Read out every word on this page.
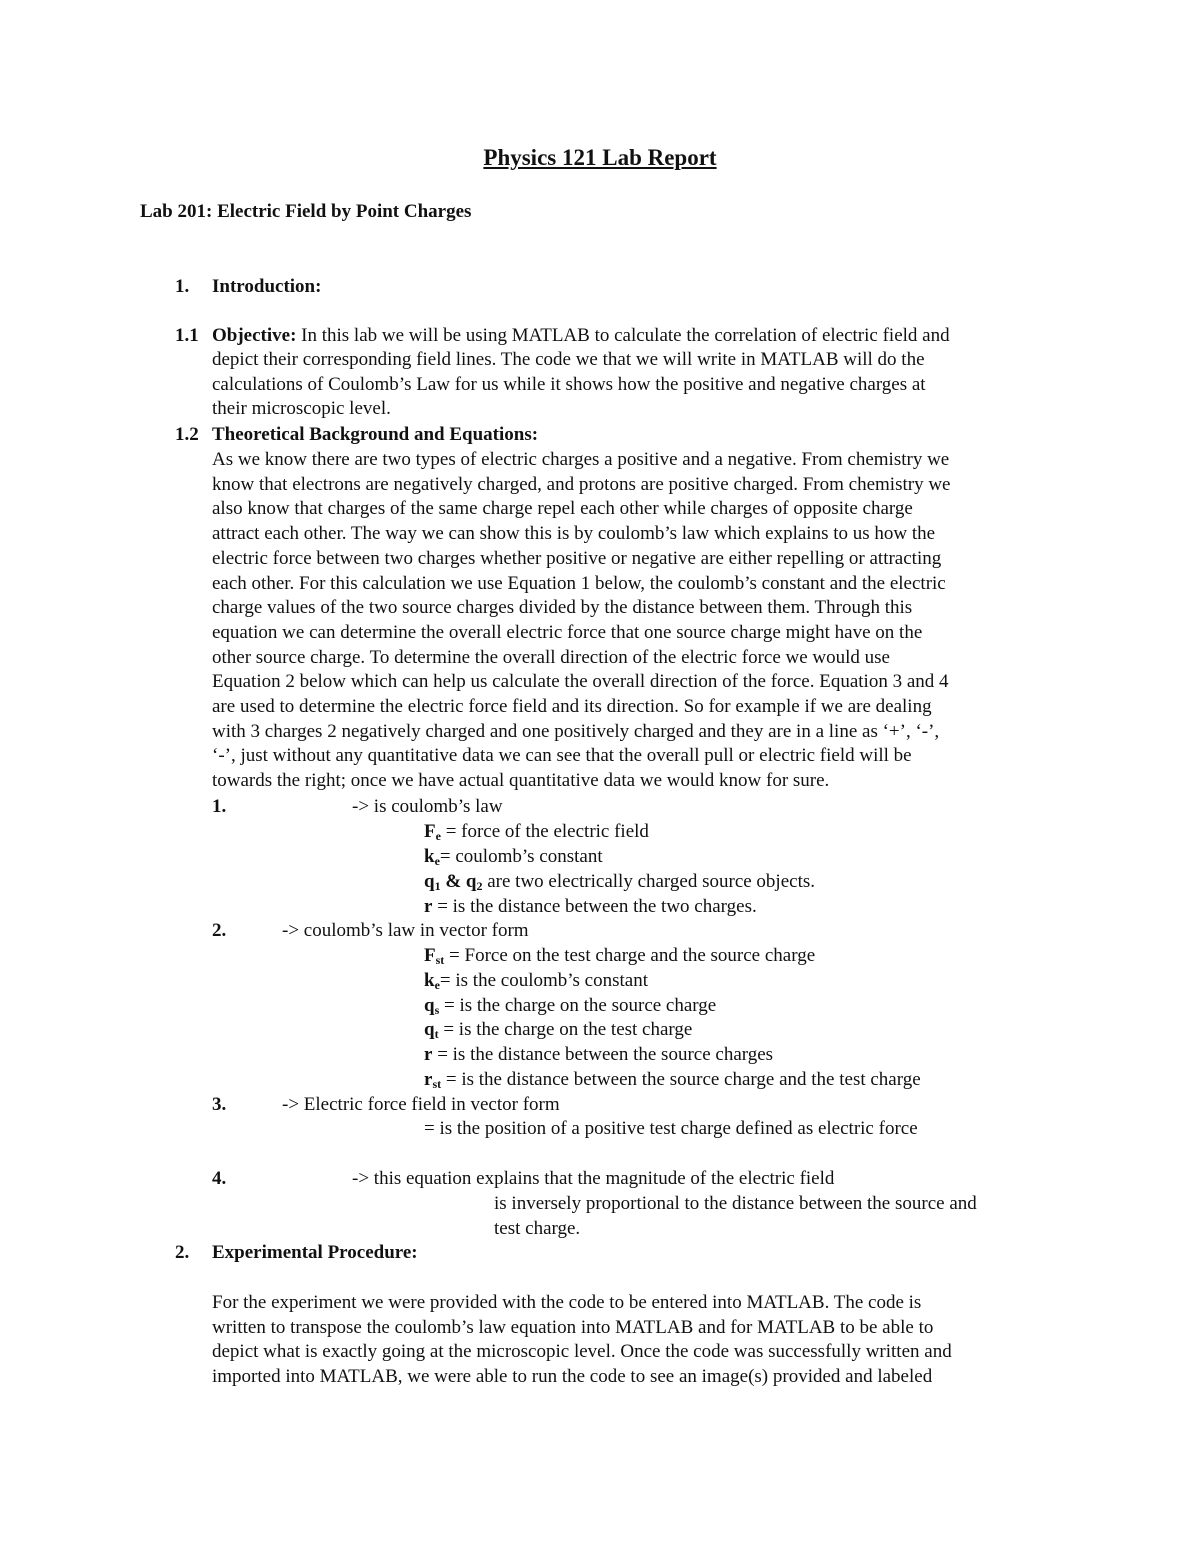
Physics 121 Lab Report
Lab 201: Electric Field by Point Charges
1. Introduction:
1.1 Objective: In this lab we will be using MATLAB to calculate the correlation of electric field and
depict their corresponding field lines. The code we that we will write in MATLAB will do the
calculations of Coulomb’s Law for us while it shows how the positive and negative charges at
their microscopic level.
1.2 Theoretical Background and Equations:
As we know there are two types of electric charges a positive and a negative. From chemistry we
know that electrons are negatively charged, and protons are positive charged. From chemistry we
also know that charges of the same charge repel each other while charges of opposite charge
attract each other. The way we can show this is by coulomb’s law which explains to us how the
electric force between two charges whether positive or negative are either repelling or attracting
each other. For this calculation we use Equation 1 below, the coulomb’s constant and the electric
charge values of the two source charges divided by the distance between them. Through this
equation we can determine the overall electric force that one source charge might have on the
other source charge. To determine the overall direction of the electric force we would use
Equation 2 below which can help us calculate the overall direction of the force. Equation 3 and 4
are used to determine the electric force field and its direction. So for example if we are dealing
with 3 charges 2 negatively charged and one positively charged and they are in a line as ‘+’, ‘-’,
‘-’, just without any quantitative data we can see that the overall pull or electric field will be
towards the right; once we have actual quantitative data we would know for sure.
1.	-> is coulomb’s law
$F_e$ = force of the electric field
$k_e=$ coulomb’s constant
$q_1$ & $q_2$ are two electrically charged source objects.
r = is the distance between the two charges.
2.	-> coulomb’s law in vector form
$F_{st}$ = Force on the test charge and the source charge
$k_e=$ is the coulomb’s constant
$q_s$ = is the charge on the source charge
$q_t$ = is the charge on the test charge
r = is the distance between the source charges
$r_{st}$ = is the distance between the source charge and the test charge
3.	-> Electric force field in vector form
= is the position of a positive test charge defined as electric force
4.	-> this equation explains that the magnitude of the electric field
is inversely proportional to the distance between the source and
test charge.
2. Experimental Procedure:
For the experiment we were provided with the code to be entered into MATLAB. The code is
written to transpose the coulomb’s law equation into MATLAB and for MATLAB to be able to
depict what is exactly going at the microscopic level. Once the code was successfully written and
imported into MATLAB, we were able to run the code to see an image(s) provided and labeled
